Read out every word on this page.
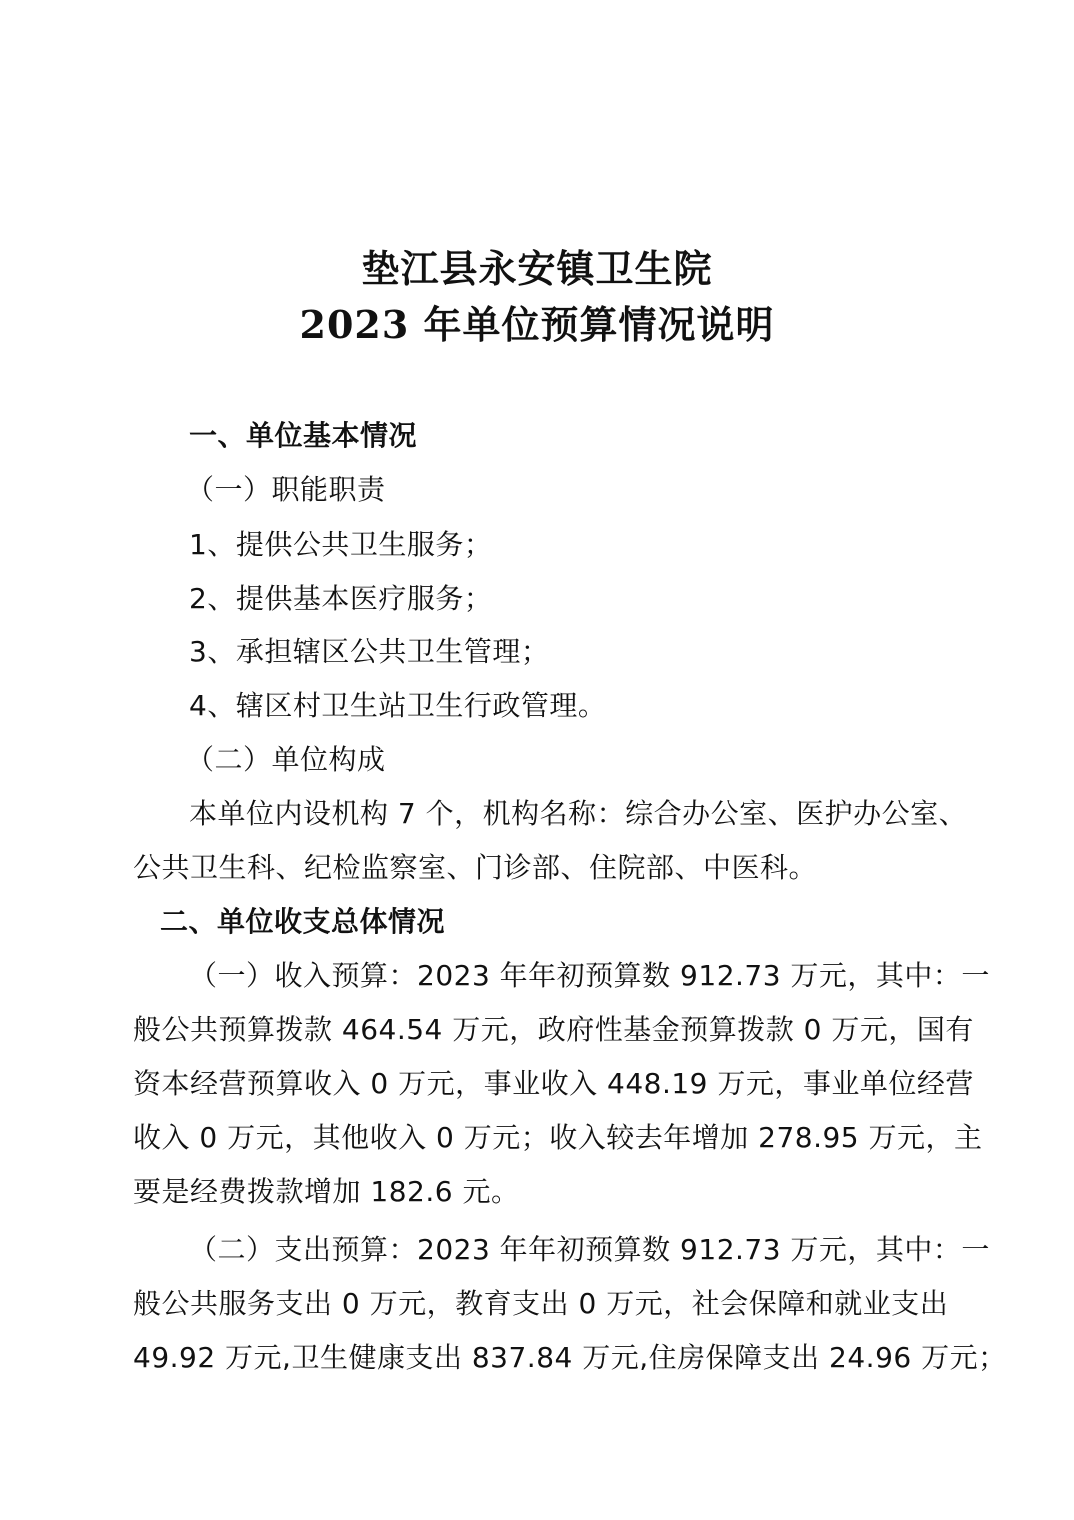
垫江县永安镇卫生院
2023 年单位预算情况说明
一、单位基本情况
（一）职能职责
1、提供公共卫生服务；
2、提供基本医疗服务；
3、承担辖区公共卫生管理；
4、辖区村卫生站卫生行政管理。
（二）单位构成
本单位内设机构 7 个，机构名称：综合办公室、医护办公室、
公共卫生科、纪检监察室、门诊部、住院部、中医科。
二、单位收支总体情况
（一）收入预算：2023 年年初预算数 912.73 万元，其中：一
般公共预算拨款 464.54 万元，政府性基金预算拨款 0 万元，国有
资本经营预算收入 0 万元，事业收入 448.19 万元，事业单位经营
收入 0 万元，其他收入 0 万元；收入较去年增加 278.95 万元，主
要是经费拨款增加 182.6 元。
（二）支出预算：2023 年年初预算数 912.73 万元，其中：一
般公共服务支出 0 万元，教育支出 0 万元，社会保障和就业支出
49.92 万元,卫生健康支出 837.84 万元,住房保障支出 24.96 万元；
